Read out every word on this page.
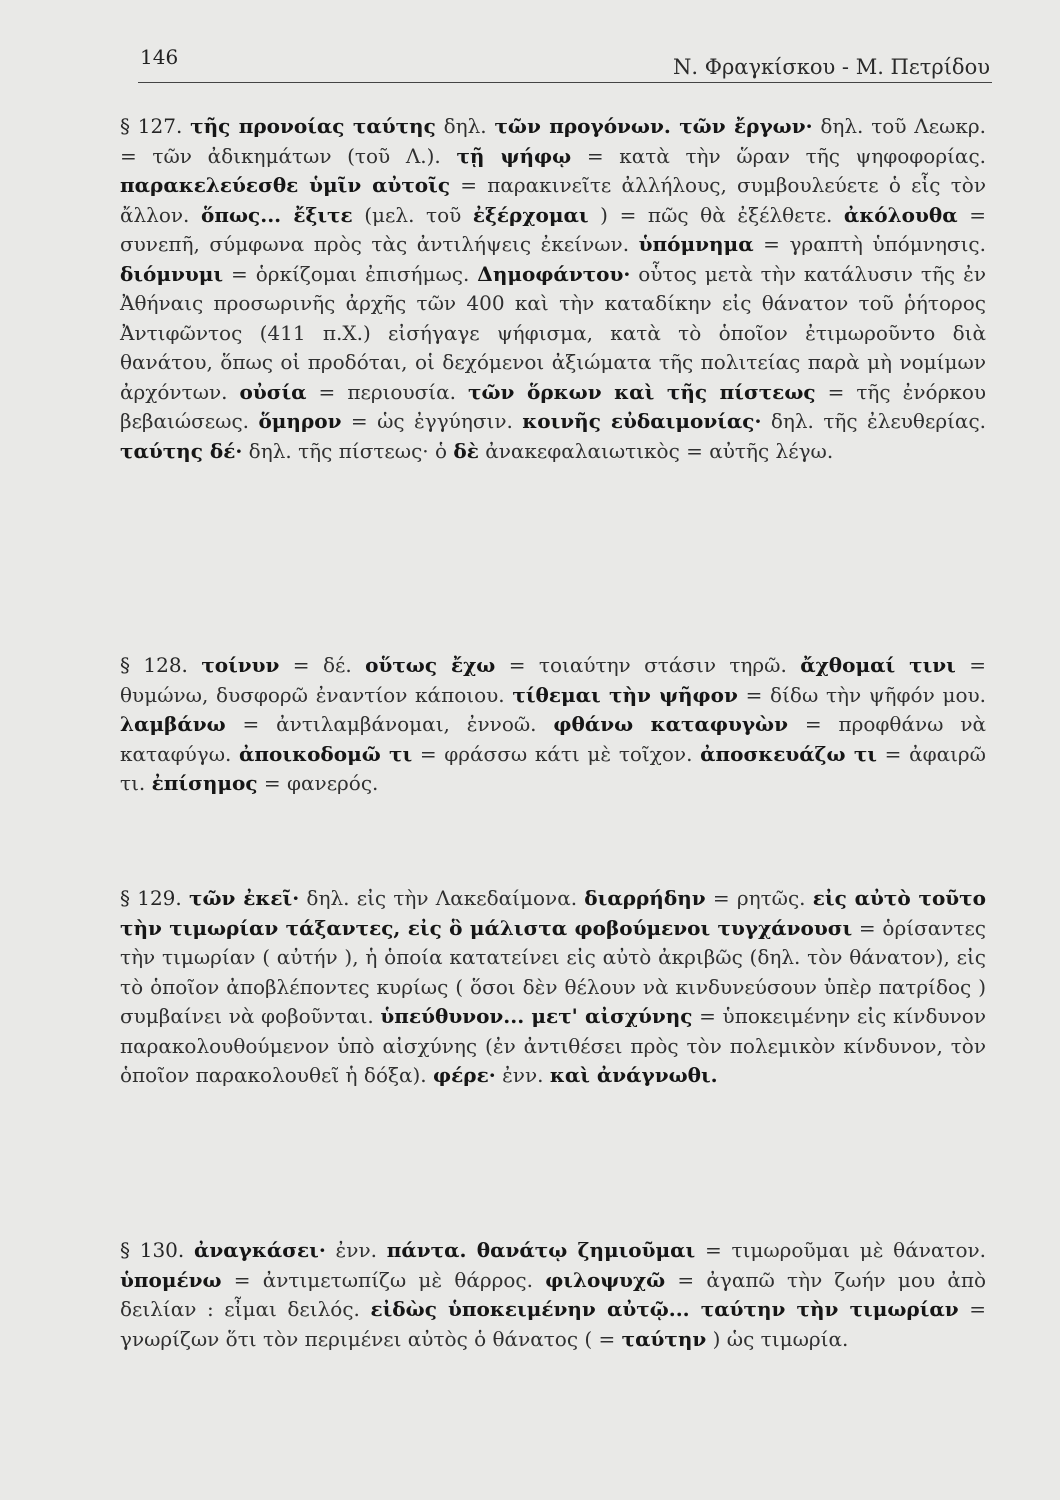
146	Ν. Φραγκίσκου - Μ. Πετρίδου
§ 127. τῆς προνοίας ταύτης δηλ. τῶν προγόνων. τῶν ἔργων· δηλ. τοῦ Λεωκρ. = τῶν ἀδικημάτων (τοῦ Λ.). τῇ ψήφῳ = κατὰ τὴν ὥραν τῆς ψηφοφορίας. παρακελεύεσθε ὑμῖν αὐτοῖς = παρακινεῖτε ἀλλήλους, συμβουλεύετε ὁ εἷς τὸν ἄλλον. ὅπως... ἔξιτε (μελ. τοῦ ἐξέρχομαι ) = πῶς θὰ ἐξέλθετε. ἀκόλουθα = συνεπῆ, σύμφωνα πρὸς τὰς ἀντιλήψεις ἐκείνων. ὑπόμνημα = γραπτὴ ὑπόμνησις. διόμνυμι = ὁρκίζομαι ἐπισήμως. Δημοφάντου· οὗτος μετὰ τὴν κατάλυσιν τῆς ἐν Ἀθήναις προσωρινῆς ἀρχῆς τῶν 400 καὶ τὴν καταδίκην εἰς θάνατον τοῦ ῥήτορος Ἀντιφῶντος (411 π.Χ.) εἰσήγαγε ψήφισμα, κατὰ τὸ ὁποῖον ἐτιμωροῦντο διὰ θανάτου, ὅπως οἱ προδόται, οἱ δεχόμενοι ἀξιώματα τῆς πολιτείας παρὰ μὴ νομίμων ἀρχόντων. οὐσία = περιουσία. τῶν ὅρκων καὶ τῆς πίστεως = τῆς ἐνόρκου βεβαιώσεως. ὅμηρον = ὡς ἐγγύησιν. κοινῆς εὐδαιμονίας· δηλ. τῆς ἐλευθερίας. ταύτης δέ· δηλ. τῆς πίστεως· ὁ δὲ ἀνακεφαλαιωτικὸς = αὐτῆς λέγω.
§ 128. τοίνυν = δέ. οὕτως ἔχω = τοιαύτην στάσιν τηρῶ. ἄχθομαί τινι = θυμώνω, δυσφορῶ ἐναντίον κάποιου. τίθεμαι τὴν ψῆφον = δίδω τὴν ψῆφόν μου. λαμβάνω = ἀντιλαμβάνομαι, ἐννοῶ. φθάνω καταφυγὼν = προφθάνω νὰ καταφύγω. ἀποικοδομῶ τι = φράσσω κάτι μὲ τοῖχον. ἀποσκευάζω τι = ἀφαιρῶ τι. ἐπίσημος = φανερός.
§ 129. τῶν ἐκεῖ· δηλ. εἰς τὴν Λακεδαίμονα. διαρρήδην = ρητῶς. εἰς αὐτὸ τοῦτο τὴν τιμωρίαν τάξαντες, εἰς ὃ μάλιστα φοβούμενοι τυγχάνουσι = ὁρίσαντες τὴν τιμωρίαν ( αὐτήν ), ἡ ὁποία κατατείνει εἰς αὐτὸ ἀκριβῶς (δηλ. τὸν θάνατον), εἰς τὸ ὁποῖον ἀποβλέποντες κυρίως ( ὅσοι δὲν θέλουν νὰ κινδυνεύσουν ὑπὲρ πατρίδος ) συμβαίνει νὰ φοβοῦνται. ὑπεύθυνον... μετ' αἰσχύνης = ὑποκειμένην εἰς κίνδυνον παρακολουθούμενον ὑπὸ αἰσχύνης (ἐν ἀντιθέσει πρὸς τὸν πολεμικὸν κίνδυνον, τὸν ὁποῖον παρακολουθεῖ ἡ δόξα). φέρε· ἐνν. καὶ ἀνάγνωθι.
§ 130. ἀναγκάσει· ἐνν. πάντα. θανάτῳ ζημιοῦμαι = τιμωροῦμαι μὲ θάνατον. ὑπομένω = ἀντιμετωπίζω μὲ θάρρος. φιλοψυχῶ = ἀγαπῶ τὴν ζωήν μου ἀπὸ δειλίαν : εἶμαι δειλός. εἰδὼς ὑποκειμένην αὐτῷ... ταύτην τὴν τιμωρίαν = γνωρίζων ὅτι τὸν περιμένει αὐτὸς ὁ θάνατος ( = ταύτην ) ὡς τιμωρία.
